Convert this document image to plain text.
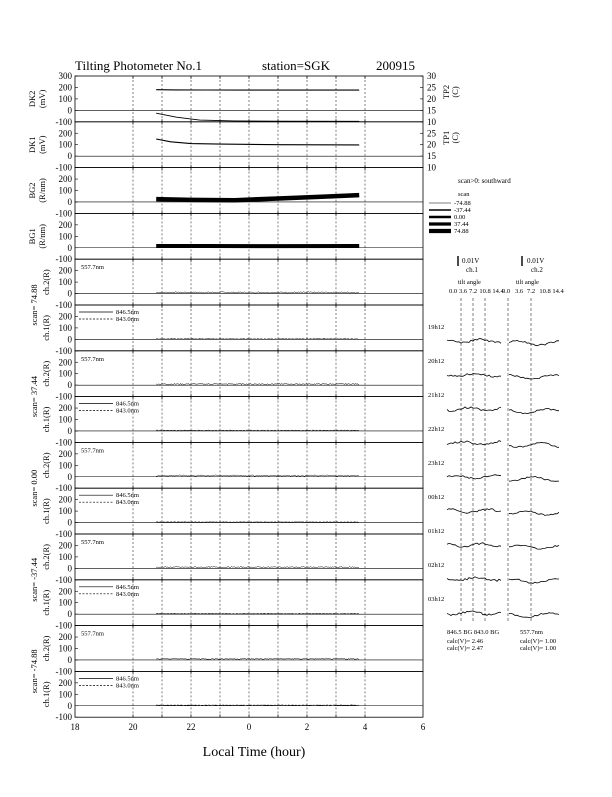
Tilting Photometer No.1	station=SGK	200915
300
200
100
0
-100
DK2 (mV)
30
25
20
15
10
TP2 (C)
200
100
0
-100
DK1 (mV)
25
20
15
10
TP1 (C)
200
100
0
-100
BG2 (R/nm)
200
100
0
-100
BG1 (R/nm)
200
100
0
-100
ch.2(R)
557.7nm
200
100
0
-100
ch.1(R)
846.5nm
843.0nm
200
100
0
-100
ch.2(R)
557.7nm
200
100
0
-100
ch.1(R)
846.5nm
843.0nm
200
100
0
-100
ch.2(R)
557.7nm
200
100
0
-100
ch.1(R)
846.5nm
843.0nm
200
100
0
-100
ch.2(R)
557.7nm
200
100
0
-100
ch.1(R)
846.5nm
843.0nm
200
100
0
-100
ch.2(R)
557.7nm
200
100
0
-100
ch.1(R)
846.5nm
843.0nm
18	20	22	0	2	4	6
scan= 74.88
scan= 37.44
scan= 0.00
scan= -37.44
scan= -74.88
Local Time (hour)
scan>0: southward
scan
-74.88
-37.44
0.00
37.44
74.88
0.01V
ch.1
0.01V
ch.2
tilt angle	tilt angle
0.0	0.0
3.6	3.6
7.2	7.2
10.8	10.8
14.4	14.4
19h12
20h12
21h12
22h12
23h12
00h12
01h12
02h12
03h12
846.5 BG 843.0 BG	557.7nm
calc(V)= 2.46
calc(V)= 2.47
calc(V)= 1.00
calc(V)= 1.00
